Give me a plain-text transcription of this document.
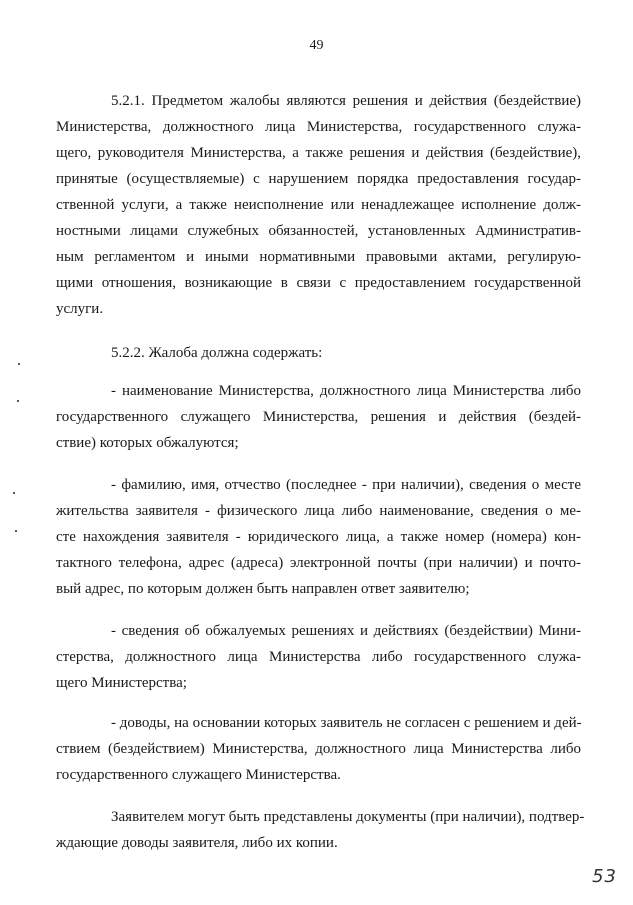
49
5.2.1. Предметом жалобы являются решения и действия (бездействие)
Министерства, должностного лица Министерства, государственного служа-
щего, руководителя Министерства, а также решения и действия (бездействие),
принятые (осуществляемые) с нарушением порядка предоставления государ-
ственной услуги, а также неисполнение или ненадлежащее исполнение долж-
ностными лицами служебных обязанностей, установленных Административ-
ным регламентом и иными нормативными правовыми актами, регулирую-
щими отношения, возникающие в связи с предоставлением государственной
услуги.
5.2.2. Жалоба должна содержать:
- наименование Министерства, должностного лица Министерства либо
государственного служащего Министерства, решения и действия (бездей-
ствие) которых обжалуются;
- фамилию, имя, отчество (последнее - при наличии), сведения о месте
жительства заявителя - физического лица либо наименование, сведения о ме-
сте нахождения заявителя - юридического лица, а также номер (номера) кон-
тактного телефона, адрес (адреса) электронной почты (при наличии) и почто-
вый адрес, по которым должен быть направлен ответ заявителю;
- сведения об обжалуемых решениях и действиях (бездействии) Мини-
стерства, должностного лица Министерства либо государственного служа-
щего Министерства;
- доводы, на основании которых заявитель не согласен с решением и дей-
ствием (бездействием) Министерства, должностного лица Министерства либо
государственного служащего Министерства.
Заявителем могут быть представлены документы (при наличии), подтвер-
ждающие доводы заявителя, либо их копии.
53
